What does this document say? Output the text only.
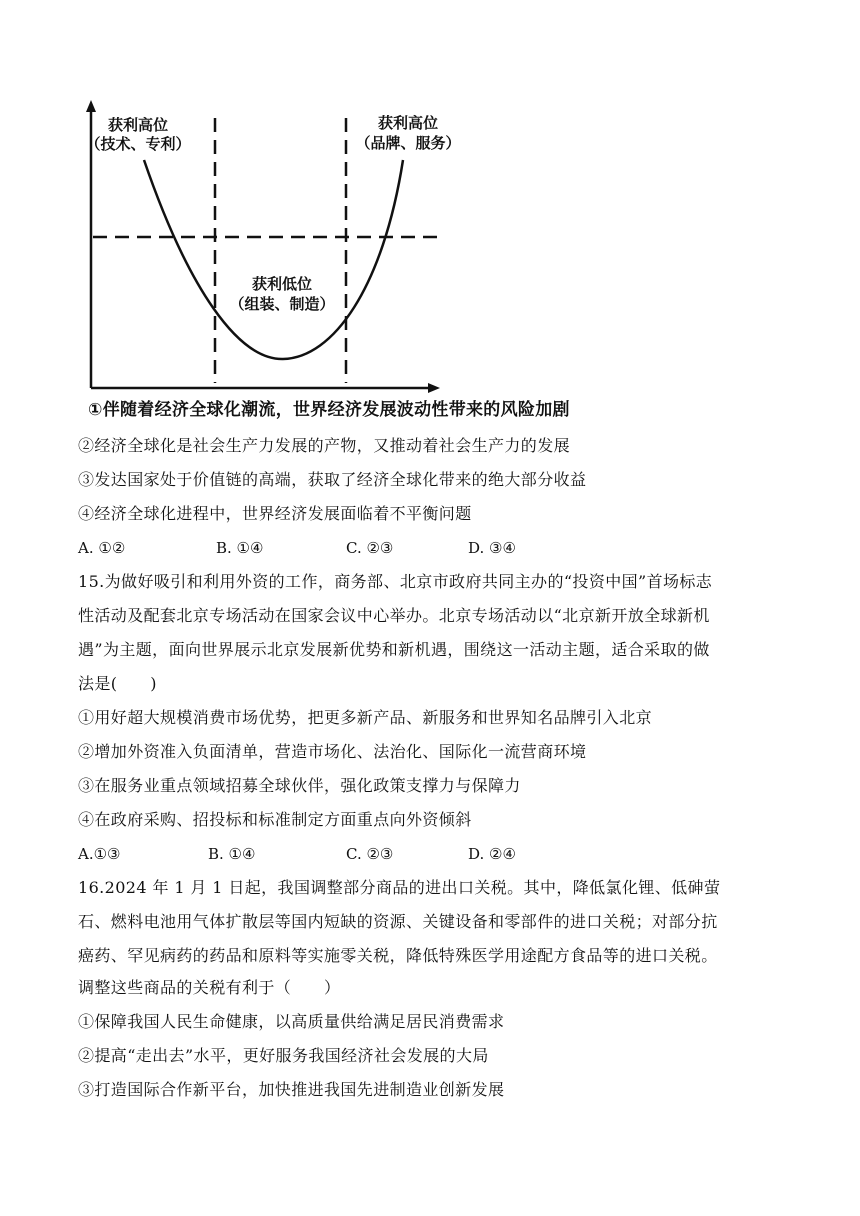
获利高位
（技术、专利）
获利高位
（品牌、服务）
获利低位
（组装、制造）
①伴随着经济全球化潮流，世界经济发展波动性带来的风险加剧
②经济全球化是社会生产力发展的产物，又推动着社会生产力的发展
③发达国家处于价值链的高端，获取了经济全球化带来的绝大部分收益
④经济全球化进程中，世界经济发展面临着不平衡问题
A. ①②	B. ①④	C. ②③	D. ③④
15.为做好吸引和利用外资的工作，商务部、北京市政府共同主办的“投资中国”首场标志
性活动及配套北京专场活动在国家会议中心举办。北京专场活动以“北京新开放全球新机
遇”为主题，面向世界展示北京发展新优势和新机遇，围绕这一活动主题，适合采取的做
法是(　　)
①用好超大规模消费市场优势，把更多新产品、新服务和世界知名品牌引入北京
②增加外资准入负面清单，营造市场化、法治化、国际化一流营商环境
③在服务业重点领域招募全球伙伴，强化政策支撑力与保障力
④在政府采购、招投标和标准制定方面重点向外资倾斜
A.①③	B. ①④	C. ②③	D. ②④
16.2024 年 1 月 1 日起，我国调整部分商品的进出口关税。其中，降低氯化锂、低砷萤
石、燃料电池用气体扩散层等国内短缺的资源、关键设备和零部件的进口关税；对部分抗
癌药、罕见病药的药品和原料等实施零关税，降低特殊医学用途配方食品等的进口关税。
调整这些商品的关税有利于（　　）
①保障我国人民生命健康，以高质量供给满足居民消费需求
②提高“走出去”水平，更好服务我国经济社会发展的大局
③打造国际合作新平台，加快推进我国先进制造业创新发展
